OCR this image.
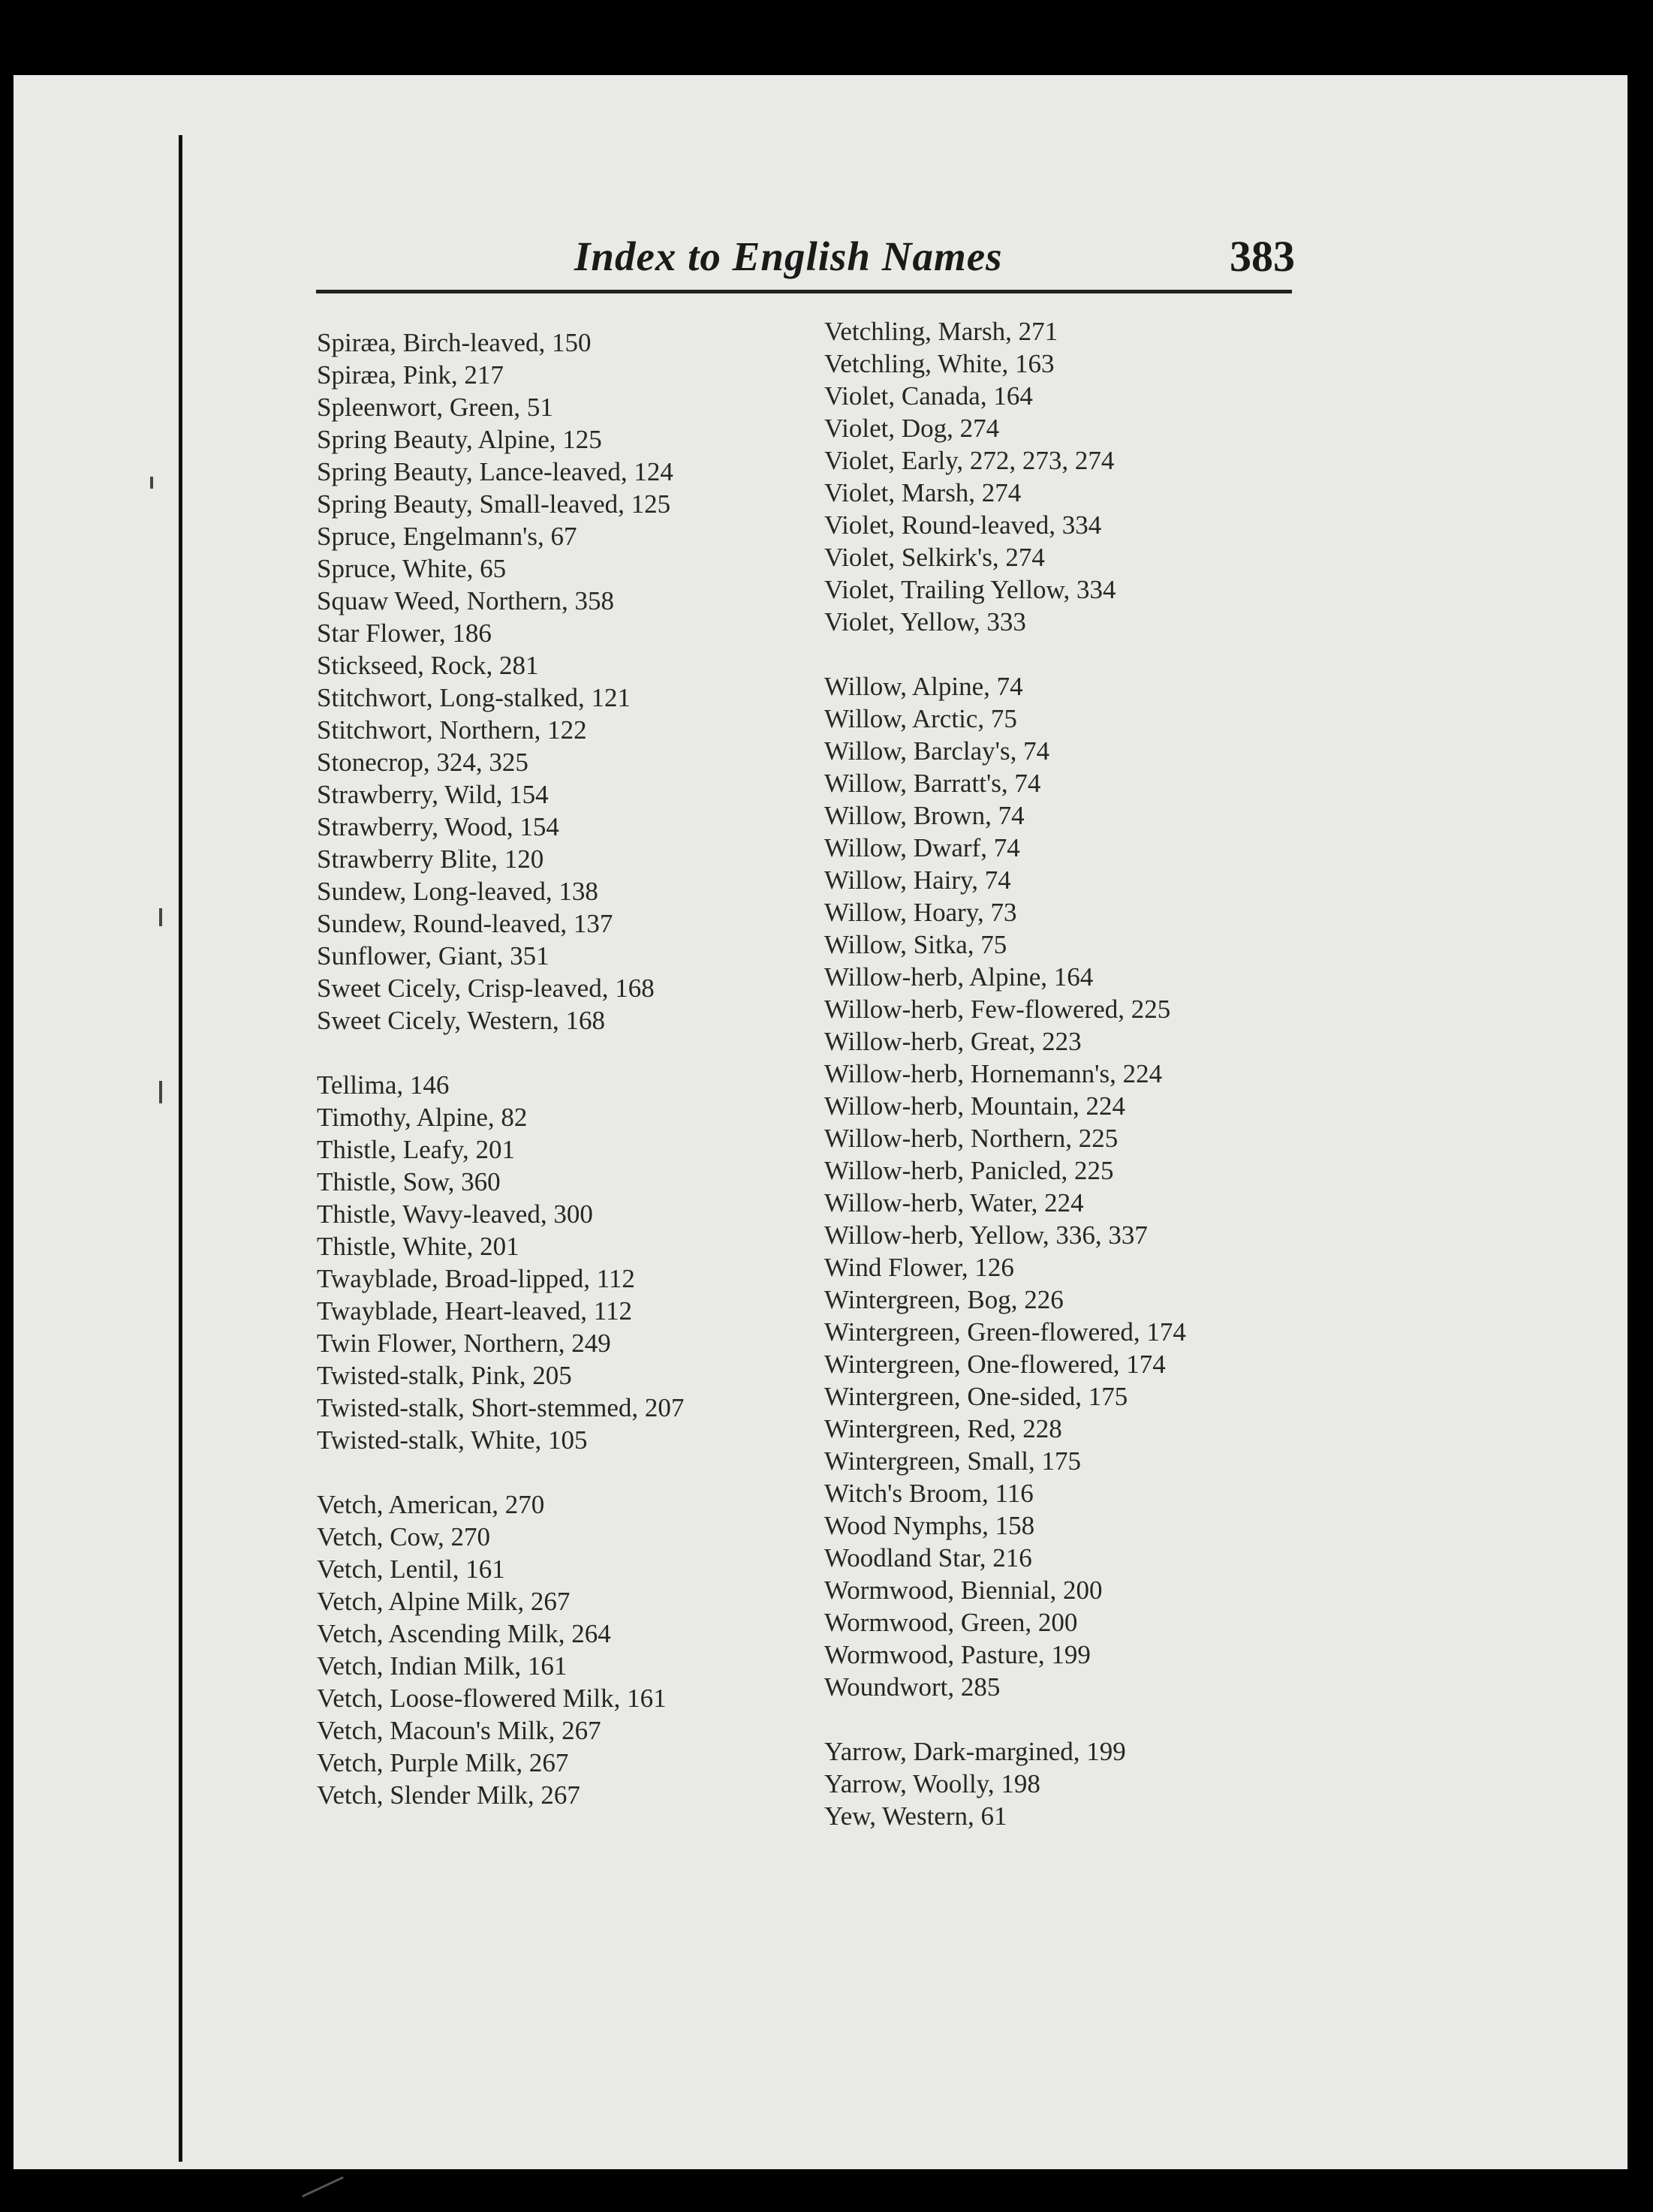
Index to English Names	383
Spiræa, Birch-leaved, 150
Spiræa, Pink, 217
Spleenwort, Green, 51
Spring Beauty, Alpine, 125
Spring Beauty, Lance-leaved, 124
Spring Beauty, Small-leaved, 125
Spruce, Engelmann's, 67
Spruce, White, 65
Squaw Weed, Northern, 358
Star Flower, 186
Stickseed, Rock, 281
Stitchwort, Long-stalked, 121
Stitchwort, Northern, 122
Stonecrop, 324, 325
Strawberry, Wild, 154
Strawberry, Wood, 154
Strawberry Blite, 120
Sundew, Long-leaved, 138
Sundew, Round-leaved, 137
Sunflower, Giant, 351
Sweet Cicely, Crisp-leaved, 168
Sweet Cicely, Western, 168
Tellima, 146
Timothy, Alpine, 82
Thistle, Leafy, 201
Thistle, Sow, 360
Thistle, Wavy-leaved, 300
Thistle, White, 201
Twayblade, Broad-lipped, 112
Twayblade, Heart-leaved, 112
Twin Flower, Northern, 249
Twisted-stalk, Pink, 205
Twisted-stalk, Short-stemmed, 207
Twisted-stalk, White, 105
Vetch, American, 270
Vetch, Cow, 270
Vetch, Lentil, 161
Vetch, Alpine Milk, 267
Vetch, Ascending Milk, 264
Vetch, Indian Milk, 161
Vetch, Loose-flowered Milk, 161
Vetch, Macoun's Milk, 267
Vetch, Purple Milk, 267
Vetch, Slender Milk, 267
Vetchling, Marsh, 271
Vetchling, White, 163
Violet, Canada, 164
Violet, Dog, 274
Violet, Early, 272, 273, 274
Violet, Marsh, 274
Violet, Round-leaved, 334
Violet, Selkirk's, 274
Violet, Trailing Yellow, 334
Violet, Yellow, 333
Willow, Alpine, 74
Willow, Arctic, 75
Willow, Barclay's, 74
Willow, Barratt's, 74
Willow, Brown, 74
Willow, Dwarf, 74
Willow, Hairy, 74
Willow, Hoary, 73
Willow, Sitka, 75
Willow-herb, Alpine, 164
Willow-herb, Few-flowered, 225
Willow-herb, Great, 223
Willow-herb, Hornemann's, 224
Willow-herb, Mountain, 224
Willow-herb, Northern, 225
Willow-herb, Panicled, 225
Willow-herb, Water, 224
Willow-herb, Yellow, 336, 337
Wind Flower, 126
Wintergreen, Bog, 226
Wintergreen, Green-flowered, 174
Wintergreen, One-flowered, 174
Wintergreen, One-sided, 175
Wintergreen, Red, 228
Wintergreen, Small, 175
Witch's Broom, 116
Wood Nymphs, 158
Woodland Star, 216
Wormwood, Biennial, 200
Wormwood, Green, 200
Wormwood, Pasture, 199
Woundwort, 285
Yarrow, Dark-margined, 199
Yarrow, Woolly, 198
Yew, Western, 61
